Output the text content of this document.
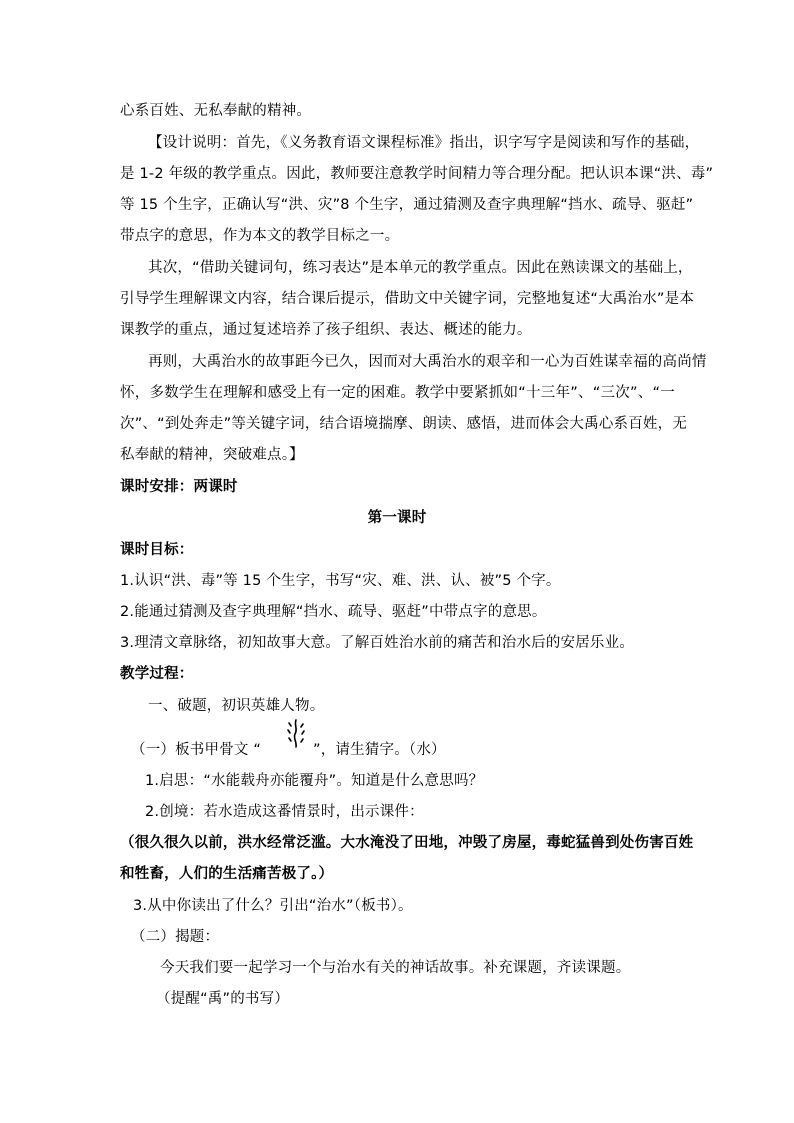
心系百姓、无私奉献的精神。
【设计说明：首先，《义务教育语文课程标准》指出，识字写字是阅读和写作的基础，
是 1-2 年级的教学重点。因此，教师要注意教学时间精力等合理分配。把认识本课“洪、毒”
等 15 个生字，正确认写“洪、灾”8 个生字，通过猜测及查字典理解“挡水、疏导、驱赶”
带点字的意思，作为本文的教学目标之一。
其次，“借助关键词句，练习表达”是本单元的教学重点。因此在熟读课文的基础上，
引导学生理解课文内容，结合课后提示，借助文中关键字词，完整地复述“大禹治水”是本
课教学的重点，通过复述培养了孩子组织、表达、概述的能力。
再则，大禹治水的故事距今已久，因而对大禹治水的艰辛和一心为百姓谋幸福的高尚情
怀，多数学生在理解和感受上有一定的困难。教学中要紧抓如“十三年”、“三次”、“一
次”、“到处奔走”等关键字词，结合语境揣摩、朗读、感悟，进而体会大禹心系百姓，无
私奉献的精神，突破难点。】
课时安排：两课时
第一课时
课时目标：
1.认识“洪、毒”等 15 个生字，书写“灾、难、洪、认、被”5 个字。
2.能通过猜测及查字典理解“挡水、疏导、驱赶”中带点字的意思。
3.理清文章脉络，初知故事大意。了解百姓治水前的痛苦和治水后的安居乐业。
教学过程：
一、破题，初识英雄人物。
（一）板书甲骨文 “	”，请生猜字。（水）
1.启思：“水能载舟亦能覆舟”。知道是什么意思吗？
2.创境：若水造成这番情景时，出示课件：
（很久很久以前，洪水经常泛滥。大水淹没了田地，冲毁了房屋，毒蛇猛兽到处伤害百姓
和牲畜，人们的生活痛苦极了。）
3.从中你读出了什么？引出“治水”（板书）。
（二）揭题：
今天我们要一起学习一个与治水有关的神话故事。补充课题，齐读课题。
（提醒“禹”的书写）
